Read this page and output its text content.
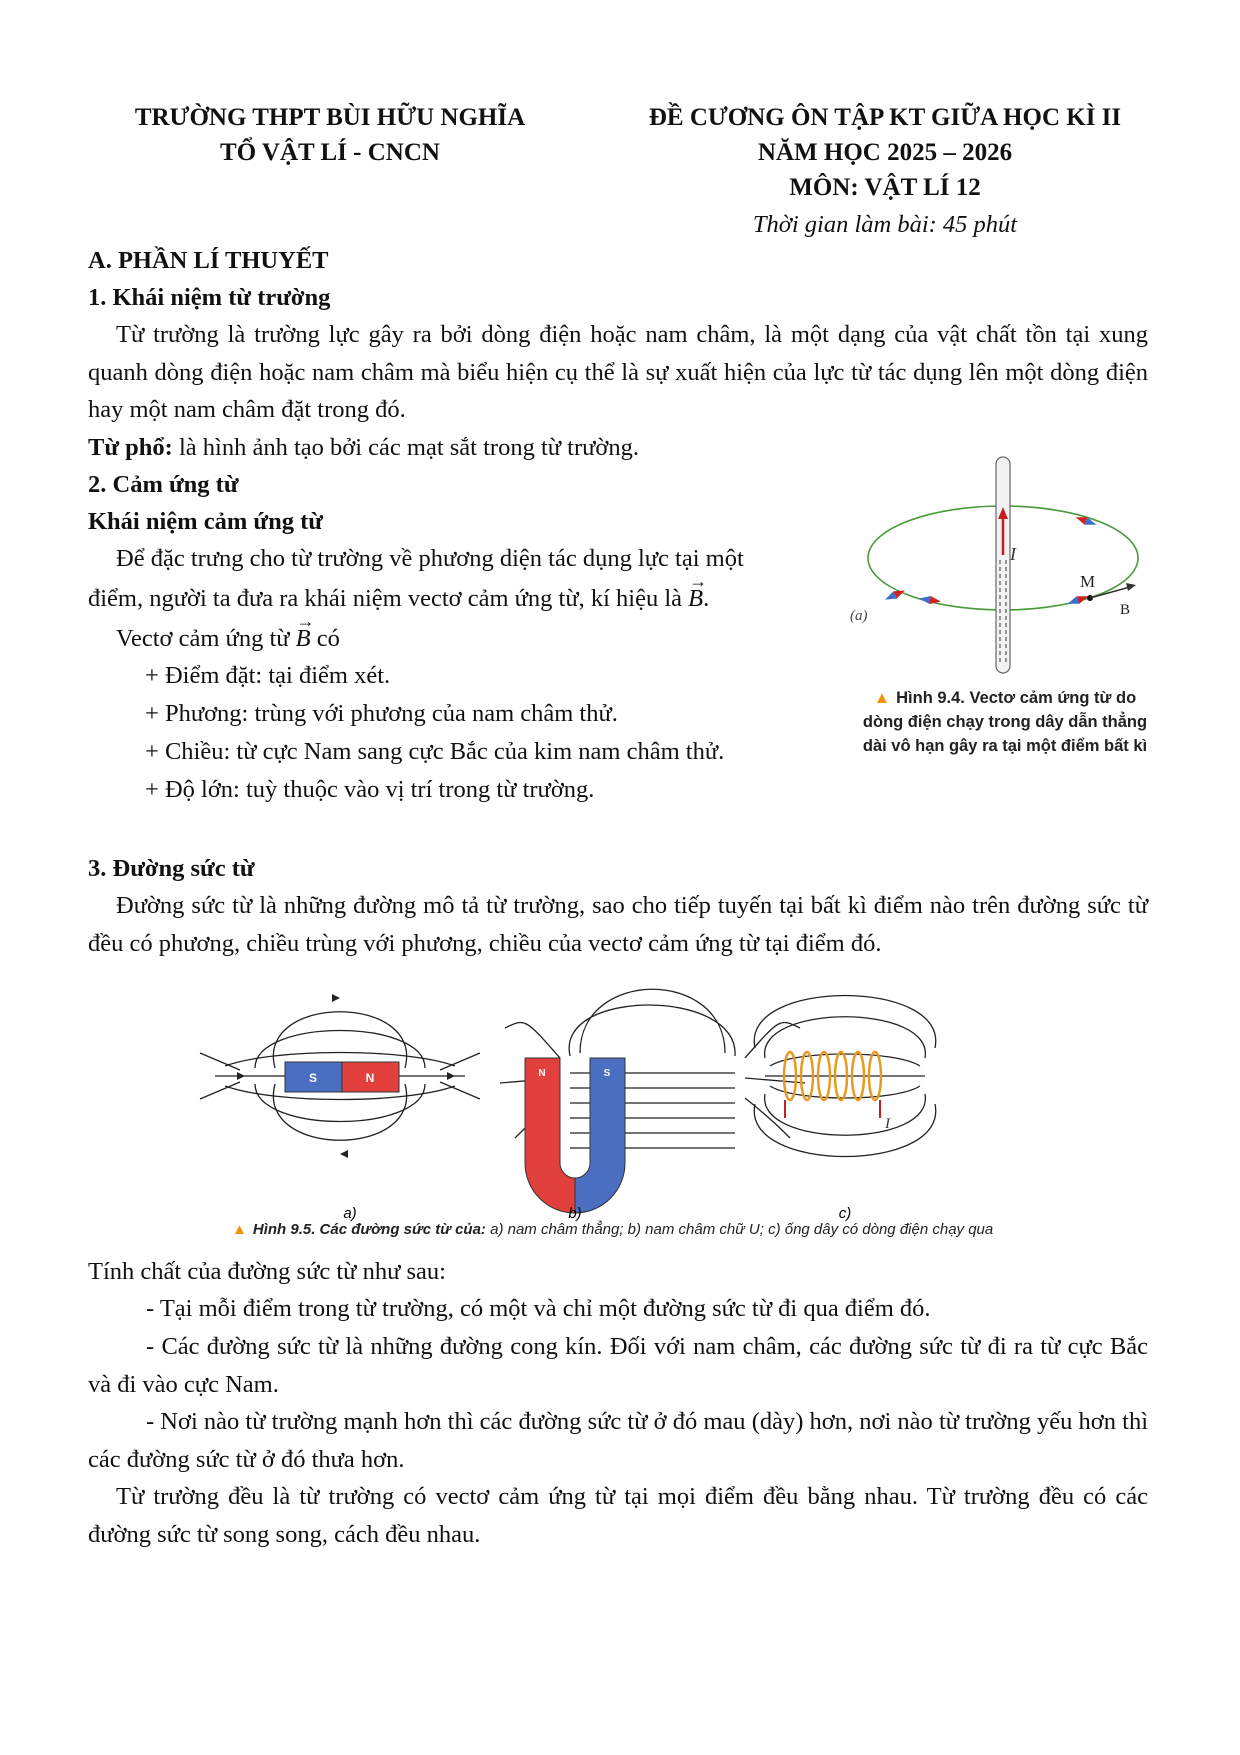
TRƯỜNG THPT BÙI HỮU NGHĨA
TỔ VẬT LÍ - CNCN
ĐỀ CƯƠNG ÔN TẬP KT GIỮA HỌC KÌ II
NĂM HỌC 2025 – 2026
MÔN: VẬT LÍ 12
Thời gian làm bài: 45 phút
A. PHẦN LÍ THUYẾT
1. Khái niệm từ trường
Từ trường là trường lực gây ra bởi dòng điện hoặc nam châm, là một dạng của vật chất tồn tại xung quanh dòng điện hoặc nam châm mà biểu hiện cụ thể là sự xuất hiện của lực từ tác dụng lên một dòng điện hay một nam châm đặt trong đó.
Từ phổ: là hình ảnh tạo bởi các mạt sắt trong từ trường.
2. Cảm ứng từ
Khái niệm cảm ứng từ
Để đặc trưng cho từ trường về phương diện tác dụng lực tại một
điểm, người ta đưa ra khái niệm vectơ cảm ứng từ, kí hiệu là → B.
Vectơ cảm ứng từ → B có
+ Điểm đặt: tại điểm xét.
+ Phương: trùng với phương của nam châm thử.
+ Chiều: từ cực Nam sang cực Bắc của kim nam châm thử.
+ Độ lớn: tuỳ thuộc vào vị trí trong từ trường.
I
M
B
(a)
▲ Hình 9.4. Vectơ cảm ứng từ do
dòng điện chạy trong dây dẫn thẳng
dài vô hạn gây ra tại một điểm bất kì
3. Đường sức từ
Đường sức từ là những đường mô tả từ trường, sao cho tiếp tuyến tại bất kì điểm nào trên đường sức từ đều có phương, chiều trùng với phương, chiều của vectơ cảm ứng từ tại điểm đó.
S	N	N	S
I
a)	b)	c)
▲ Hình 9.5. Các đường sức từ của: a) nam châm thẳng; b) nam châm chữ U; c) ống dây có dòng điện chạy qua
Tính chất của đường sức từ như sau:
- Tại mỗi điểm trong từ trường, có một và chỉ một đường sức từ đi qua điểm đó.
- Các đường sức từ là những đường cong kín. Đối với nam châm, các đường sức từ đi ra từ cực Bắc và đi vào cực Nam.
- Nơi nào từ trường mạnh hơn thì các đường sức từ ở đó mau (dày) hơn, nơi nào từ trường yếu hơn thì các đường sức từ ở đó thưa hơn.
Từ trường đều là từ trường có vectơ cảm ứng từ tại mọi điểm đều bằng nhau. Từ trường đều có các đường sức từ song song, cách đều nhau.
